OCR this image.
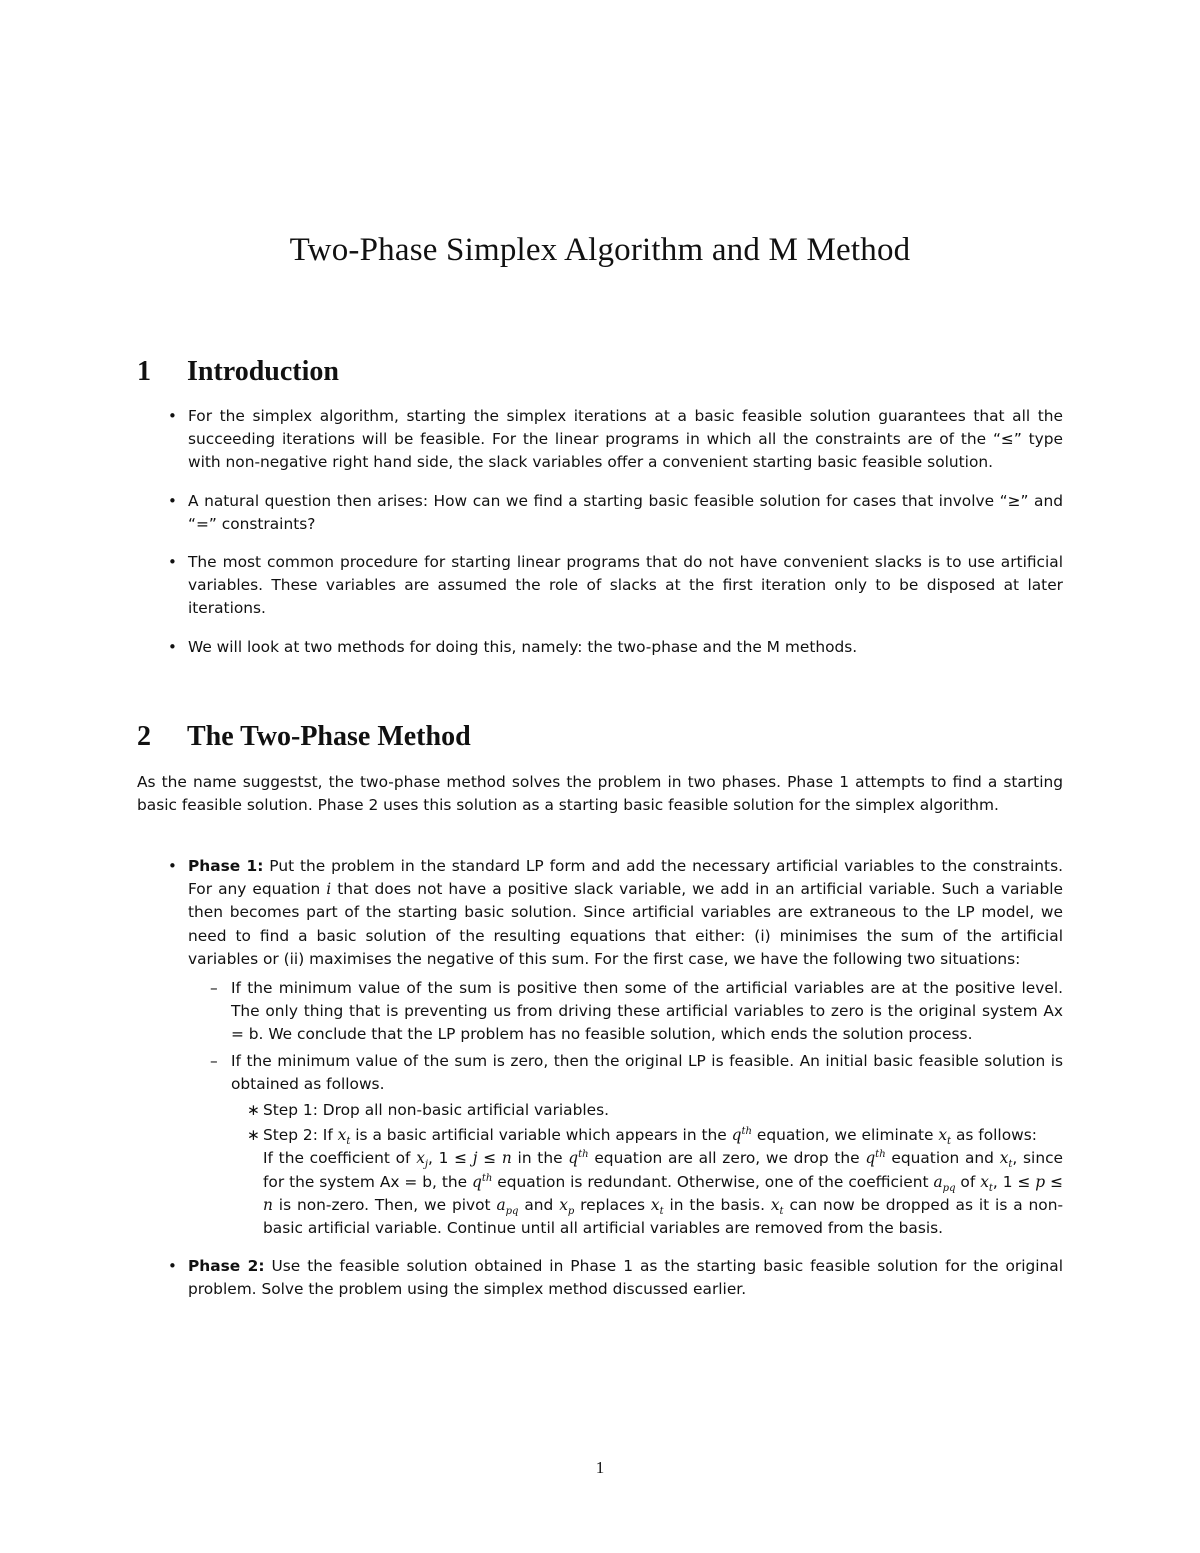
Two-Phase Simplex Algorithm and M Method
1 Introduction
• For the simplex algorithm, starting the simplex iterations at a basic feasible solution guarantees that all the succeeding iterations will be feasible. For the linear programs in which all the constraints are of the “≤” type with non-negative right hand side, the slack variables offer a convenient starting basic feasible solution.
• A natural question then arises: How can we find a starting basic feasible solution for cases that involve “≥” and “=” constraints?
• The most common procedure for starting linear programs that do not have convenient slacks is to use artificial variables. These variables are assumed the role of slacks at the first iteration only to be disposed at later iterations.
• We will look at two methods for doing this, namely: the two-phase and the M methods.
2 The Two-Phase Method

As the name suggestst, the two-phase method solves the problem in two phases. Phase 1 attempts to find a starting basic feasible solution. Phase 2 uses this solution as a starting basic feasible solution for the simplex algorithm.

• Phase 1: Put the problem in the standard LP form and add the necessary artificial variables to the constraints. For any equation i that does not have a positive slack variable, we add in an artificial variable. Such a variable then becomes part of the starting basic solution. Since artificial variables are extraneous to the LP model, we need to find a basic solution of the resulting equations that either: (i) minimises the sum of the artificial variables or (ii) maximises the negative of this sum. For the first case, we have the following two situations:
– If the minimum value of the sum is positive then some of the artificial variables are at the positive level. The only thing that is preventing us from driving these artificial variables to zero is the original system Ax = b. We conclude that the LP problem has no feasible solution, which ends the solution process.
– If the minimum value of the sum is zero, then the original LP is feasible. An initial basic feasible solution is obtained as follows.
∗ Step 1: Drop all non-basic artificial variables.
∗ Step 2: If $x_t$ is a basic artificial variable which appears in the $q^{th}$ equation, we eliminate $x_t$ as follows:
If the coefficient of $x_j$, 1 ≤ j ≤ n in the $q^{th}$ equation are all zero, we drop the $q^{th}$ equation and $x_t$, since for the system Ax = b, the $q^{th}$ equation is redundant. Otherwise, one of the coefficient $a_{pq}$ of $x_t$, 1 ≤ p ≤ n is non-zero. Then, we pivot $a_{pq}$ and $x_p$ replaces $x_t$ in the basis. $x_t$ can now be dropped as it is a non-basic artificial variable. Continue until all artificial variables are removed from the basis.
• Phase 2: Use the feasible solution obtained in Phase 1 as the starting basic feasible solution for the original problem. Solve the problem using the simplex method discussed earlier.
1
